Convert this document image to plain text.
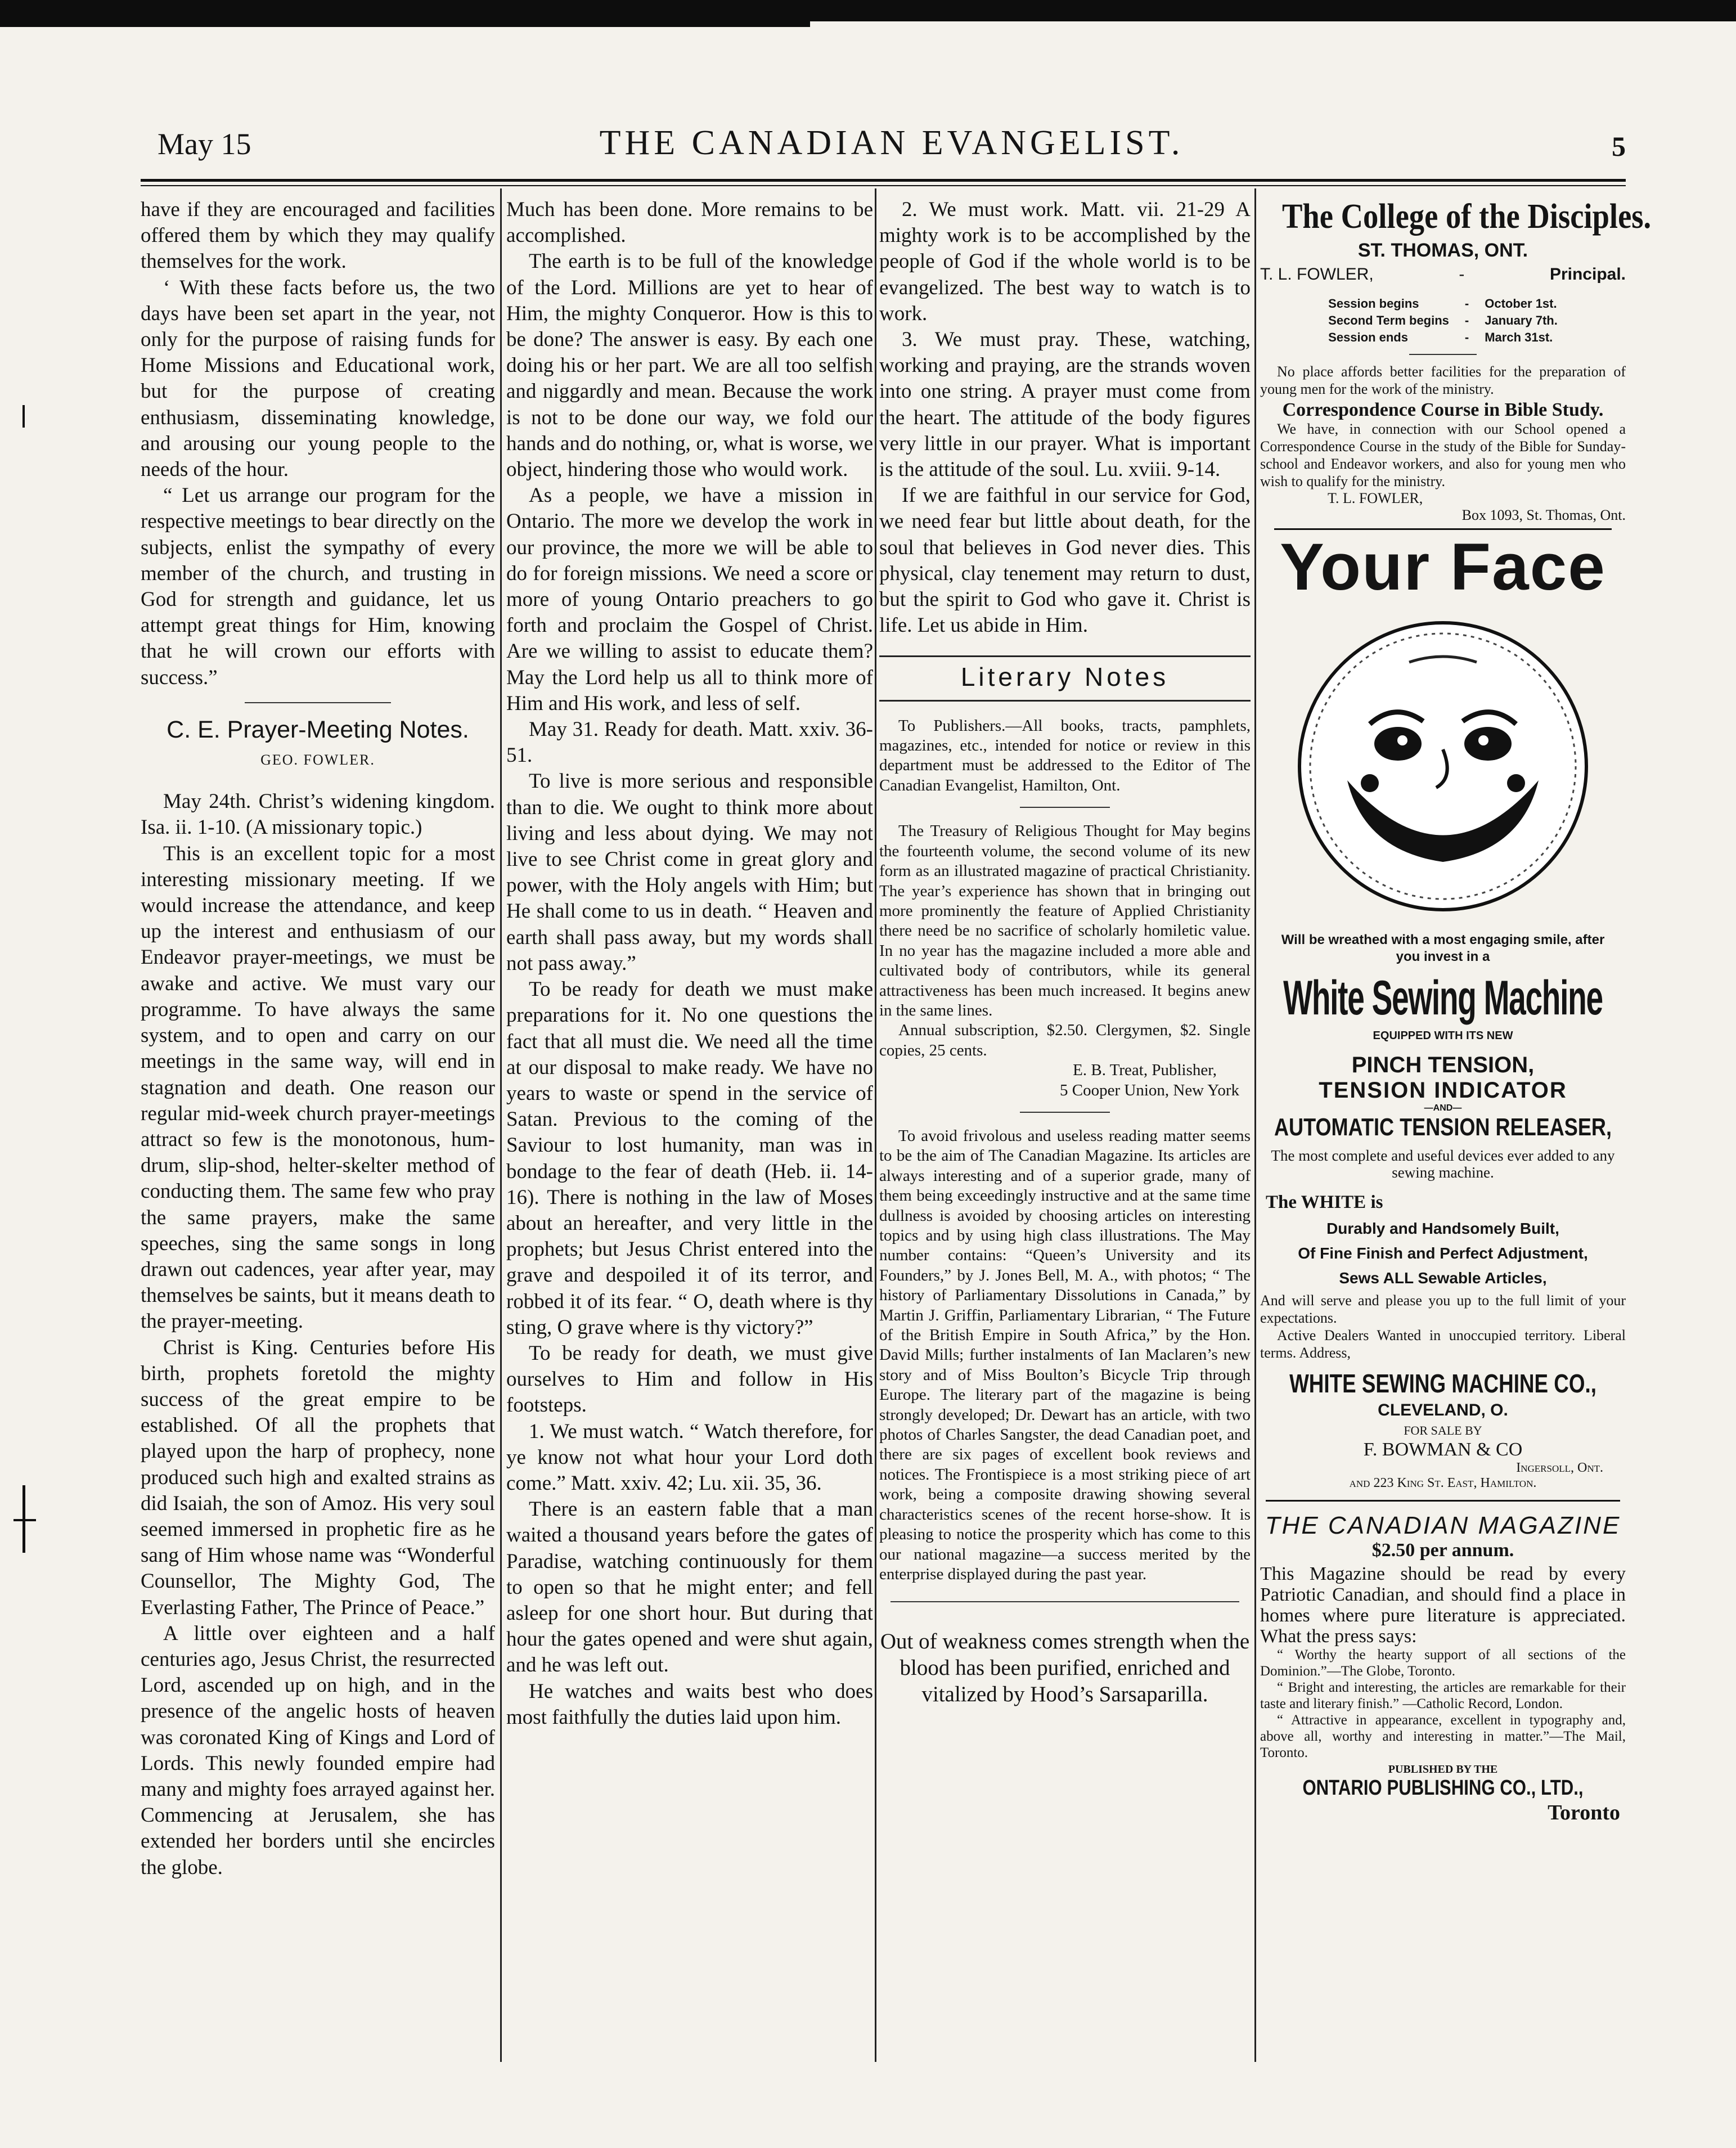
May 15	THE CANADIAN EVANGELIST.	5

have if they are encouraged and facilities offered them by which they may qualify themselves for the work.

‘ With these facts before us, the two days have been set apart in the year, not only for the purpose of raising funds for Home Missions and Educational work, but for the purpose of creating enthusiasm, disseminating knowledge, and arousing our young people to the needs of the hour.

“ Let us arrange our program for the respective meetings to bear directly on the subjects, enlist the sympathy of every member of the church, and trusting in God for strength and guidance, let us attempt great things for Him, knowing that he will crown our efforts with success.”

C. E. Prayer-Meeting Notes.
GEO. FOWLER.

May 24th. Christ’s widening kingdom. Isa. ii. 1-10. (A missionary topic.)

This is an excellent topic for a most interesting missionary meeting. If we would increase the attendance, and keep up the interest and enthusiasm of our Endeavor prayer-meetings, we must be awake and active. We must vary our programme. To have always the same system, and to open and carry on our meetings in the same way, will end in stagnation and death. One reason our regular mid-week church prayer-meetings attract so few is the monotonous, hum-drum, slip-shod, helter-skelter method of conducting them. The same few who pray the same prayers, make the same speeches, sing the same songs in long drawn out cadences, year after year, may themselves be saints, but it means death to the prayer-meeting.

Christ is King. Centuries before His birth, prophets foretold the mighty success of the great empire to be established. Of all the prophets that played upon the harp of prophecy, none produced such high and exalted strains as did Isaiah, the son of Amoz. His very soul seemed immersed in prophetic fire as he sang of Him whose name was “Wonderful Counsellor, The Mighty God, The Everlasting Father, The Prince of Peace.”

A little over eighteen and a half centuries ago, Jesus Christ, the resurrected Lord, ascended up on high, and in the presence of the angelic hosts of heaven was coronated King of Kings and Lord of Lords. This newly founded empire had many and mighty foes arrayed against her. Commencing at Jerusalem, she has extended her borders until she encircles the globe.

Much has been done. More remains to be accomplished.

The earth is to be full of the knowledge of the Lord. Millions are yet to hear of Him, the mighty Conqueror. How is this to be done? The answer is easy. By each one doing his or her part. We are all too selfish and niggardly and mean. Because the work is not to be done our way, we fold our hands and do nothing, or, what is worse, we object, hindering those who would work.

As a people, we have a mission in Ontario. The more we develop the work in our province, the more we will be able to do for foreign missions. We need a score or more of young Ontario preachers to go forth and proclaim the Gospel of Christ. Are we willing to assist to educate them? May the Lord help us all to think more of Him and His work, and less of self.

May 31. Ready for death. Matt. xxiv. 36-51.

To live is more serious and responsible than to die. We ought to think more about living and less about dying. We may not live to see Christ come in great glory and power, with the Holy angels with Him; but He shall come to us in death. “ Heaven and earth shall pass away, but my words shall not pass away.”

To be ready for death we must make preparations for it. No one questions the fact that all must die. We need all the time at our disposal to make ready. We have no years to waste or spend in the service of Satan. Previous to the coming of the Saviour to lost humanity, man was in bondage to the fear of death (Heb. ii. 14-16). There is nothing in the law of Moses about an hereafter, and very little in the prophets; but Jesus Christ entered into the grave and despoiled it of its terror, and robbed it of its fear. “ O, death where is thy sting, O grave where is thy victory?”

To be ready for death, we must give ourselves to Him and follow in His footsteps.

1. We must watch. “ Watch therefore, for ye know not what hour your Lord doth come.” Matt. xxiv. 42; Lu. xii. 35, 36.

There is an eastern fable that a man waited a thousand years before the gates of Paradise, watching continuously for them to open so that he might enter; and fell asleep for one short hour. But during that hour the gates opened and were shut again, and he was left out.

He watches and waits best who does most faithfully the duties laid upon him.

2. We must work. Matt. vii. 21-29 A mighty work is to be accomplished by the people of God if the whole world is to be evangelized. The best way to watch is to work.

3. We must pray. These, watching, working and praying, are the strands woven into one string. A prayer must come from the heart. The attitude of the body figures very little in our prayer. What is important is the attitude of the soul. Lu. xviii. 9-14.

If we are faithful in our service for God, we need fear but little about death, for the soul that believes in God never dies. This physical, clay tenement may return to dust, but the spirit to God who gave it. Christ is life. Let us abide in Him.

Literary Notes

To Publishers.—All books, tracts, pamphlets, magazines, etc., intended for notice or review in this department must be addressed to the Editor of The Canadian Evangelist, Hamilton, Ont.

The Treasury of Religious Thought for May begins the fourteenth volume, the second volume of its new form as an illustrated magazine of practical Christianity. The year’s experience has shown that in bringing out more prominently the feature of Applied Christianity there need be no sacrifice of scholarly homiletic value. In no year has the magazine included a more able and cultivated body of contributors, while its general attractiveness has been much increased. It begins anew in the same lines.

Annual subscription, $2.50. Clergymen, $2. Single copies, 25 cents.

E. B. Treat, Publisher,
5 Cooper Union, New York

To avoid frivolous and useless reading matter seems to be the aim of The Canadian Magazine. Its articles are always interesting and of a superior grade, many of them being exceedingly instructive and at the same time dullness is avoided by choosing articles on interesting topics and by using high class illustrations. The May number contains: “Queen’s University and its Founders,” by J. Jones Bell, M. A., with photos; “ The history of Parliamentary Dissolutions in Canada,” by Martin J. Griffin, Parliamentary Librarian, “ The Future of the British Empire in South Africa,” by the Hon. David Mills; further instalments of Ian Maclaren’s new story and of Miss Boulton’s Bicycle Trip through Europe. The literary part of the magazine is being strongly developed; Dr. Dewart has an article, with two photos of Charles Sangster, the dead Canadian poet, and there are six pages of excellent book reviews and notices. The Frontispiece is a most striking piece of art work, being a composite drawing showing several characteristics scenes of the recent horse-show. It is pleasing to notice the prosperity which has come to this our national magazine—a success merited by the enterprise displayed during the past year.

Out of weakness comes strength when the blood has been purified, enriched and vitalized by Hood’s Sarsaparilla.
The College of the Disciples.
ST. THOMAS, ONT.
T. L. FOWLER,	-	Principal.
Session begins	-	October 1st.
Second Term begins	-	January 7th.
Session ends	-	March 31st.

No place affords better facilities for the preparation of young men for the work of the ministry.

Correspondence Course in Bible Study.

We have, in connection with our School opened a Correspondence Course in the study of the Bible for Sunday-school and Endeavor workers, and also for young men who wish to qualify for the ministry.

T. L. FOWLER,
Box 1093, St. Thomas, Ont.
Your Face
Will be wreathed with a most engaging smile, after you invest in a
White Sewing Machine
EQUIPPED WITH ITS NEW
PINCH TENSION,
TENSION INDICATOR
—AND—
AUTOMATIC TENSION RELEASER,
The most complete and useful devices ever added to any sewing machine.
The WHITE is
Durably and Handsomely Built,
Of Fine Finish and Perfect Adjustment,
Sews ALL Sewable Articles,

And will serve and please you up to the full limit of your expectations.

Active Dealers Wanted in unoccupied territory. Liberal terms. Address,

WHITE SEWING MACHINE CO.,
CLEVELAND, O.
FOR SALE BY
F. BOWMAN & CO
Ingersoll, Ont.
and 223 King St. East, Hamilton.
THE CANADIAN MAGAZINE
$2.50 per annum.
This Magazine should be read by every Patriotic Canadian, and should find a place in homes where pure literature is appreciated. What the press says:

“ Worthy the hearty support of all sections of the Dominion.”—The Globe, Toronto.

“ Bright and interesting, the articles are remarkable for their taste and literary finish.” —Catholic Record, London.

“ Attractive in appearance, excellent in typography and, above all, worthy and interesting in matter.”—The Mail, Toronto.

PUBLISHED BY THE
ONTARIO PUBLISHING CO., LTD.,
Toronto
